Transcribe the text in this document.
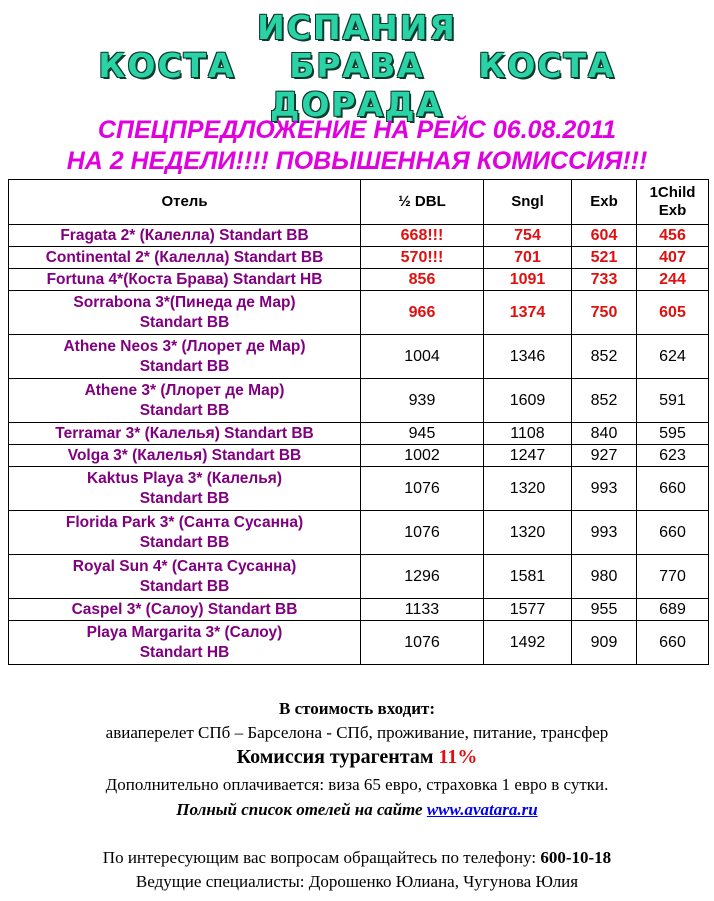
ИСПАНИЯ
КОСТА БРАВА КОСТА ДОРАДА
СПЕЦПРЕДЛОЖЕНИЕ НА РЕЙС 06.08.2011
НА 2 НЕДЕЛИ!!!! ПОВЫШЕННАЯ КОМИССИЯ!!!
Отель	½ DBL	Sngl	Exb	1Child
Exb
Fragata 2* (Калелла) Standart BB	668!!!	754	604	456
Continental 2* (Калелла) Standart BB	570!!!	701	521	407
Fortuna 4*(Коста Брава) Standart HB	856	1091	733	244
Sorrabona 3*(Пинеда де Мар)
Standart BB	966	1374	750	605
Athene Neos 3* (Ллорет де Мар)
Standart BB	1004	1346	852	624
Athene 3* (Ллорет де Мар)
Standart BB	939	1609	852	591
Terramar 3* (Калелья) Standart BB	945	1108	840	595
Volga 3* (Калелья) Standart BB	1002	1247	927	623
Kaktus Playa 3* (Калелья)
Standart BB	1076	1320	993	660
Florida Park 3* (Санта Сусанна)
Standart BB	1076	1320	993	660
Royal Sun 4* (Санта Сусанна)
Standart BB	1296	1581	980	770
Caspel 3* (Салоу) Standart BB	1133	1577	955	689
Playa Margarita 3* (Салоу)
Standart HB	1076	1492	909	660
В стоимость входит:
авиаперелет СПб – Барселона - СПб, проживание, питание, трансфер
Комиссия турагентам 11%
Дополнительно оплачивается: виза 65 евро, страховка 1 евро в сутки.
Полный список отелей на сайте www.avatara.ru
По интересующим вас вопросам обращайтесь по телефону: 600-10-18
Ведущие специалисты: Дорошенко Юлиана, Чугунова Юлия
